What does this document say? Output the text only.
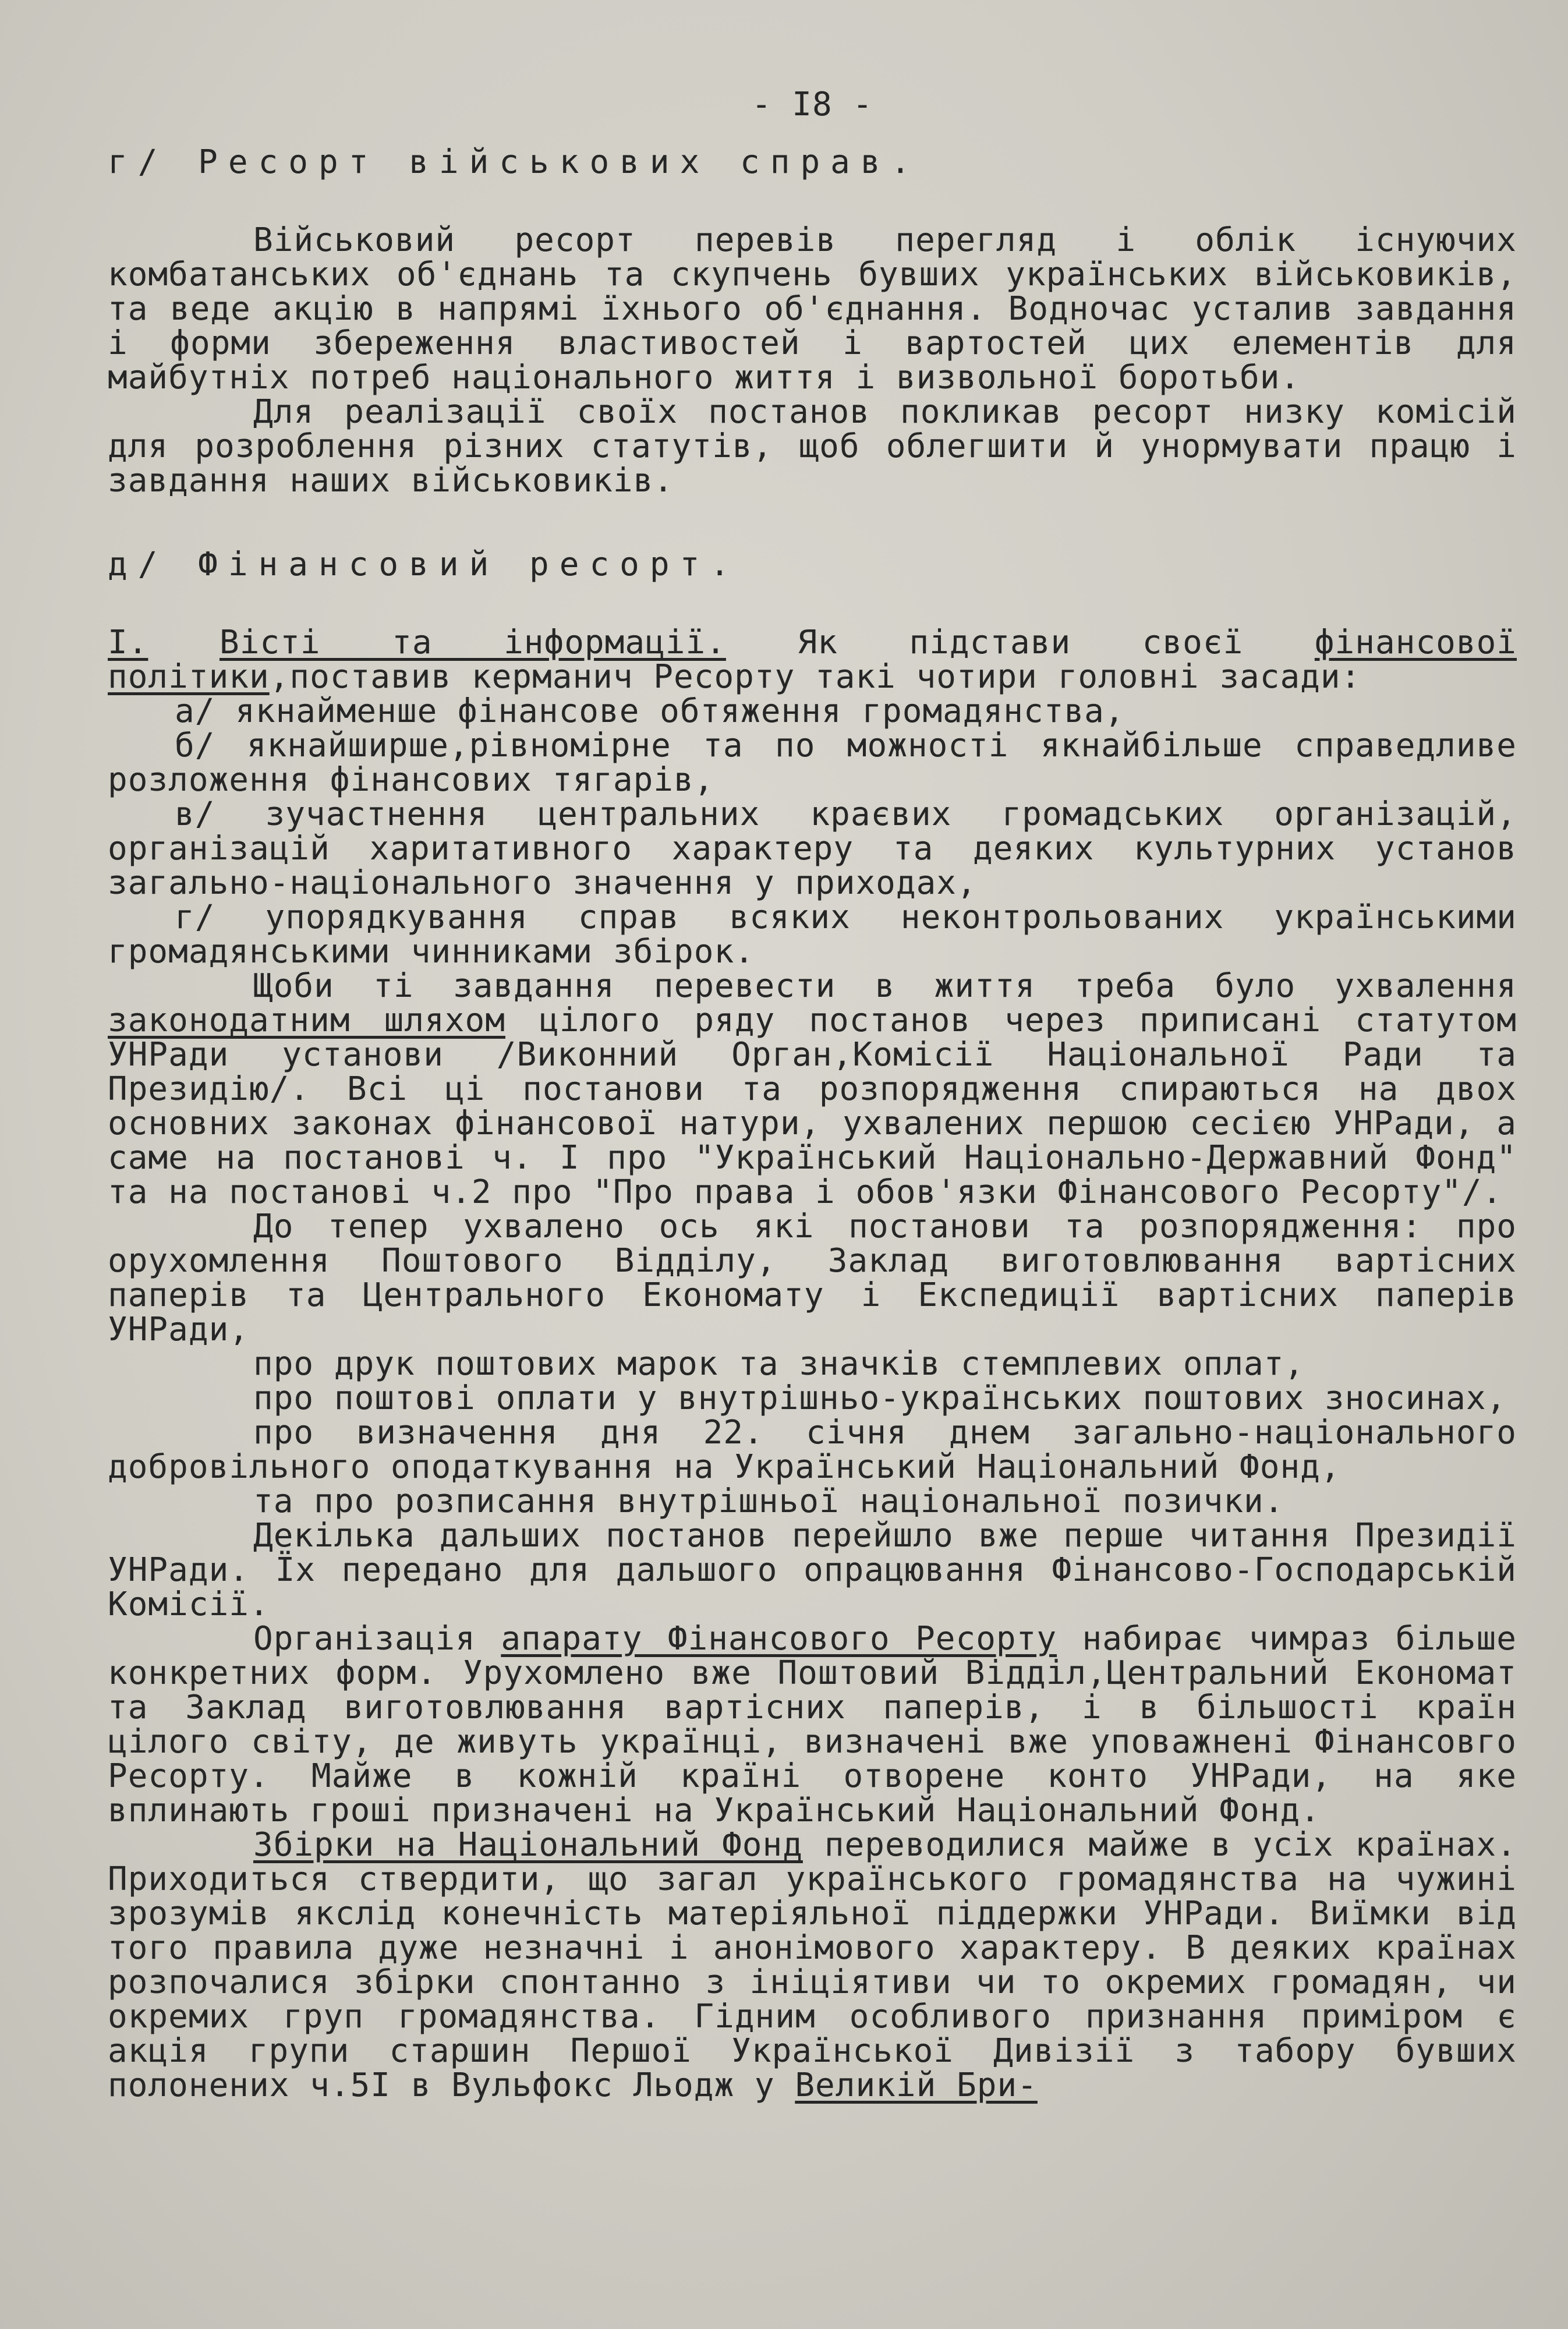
- I8 -
г/ Ресорт військових справ.

Військовий ресорт перевів перегляд і облік існуючих комбатанських об'єднань та скупчень бувших українських військовиків, та веде акцію в напрямі їхнього об'єднання. Водночас усталив завдання і форми збереження властивостей і вартостей цих елементів для майбутніх потреб національного життя і визвольної боротьби.

Для реалізації своїх постанов покликав ресорт низку комісій для розроблення різних статутів, щоб облегшити й унормувати працю і завдання наших військовиків.

д/ Фінансовий ресорт.

I. Вісті та інформації. Як підстави своєї фінансової політики,поставив керманич Ресорту такі чотири головні засади:

а/ якнайменше фінансове обтяження громадянства,

б/ якнайширше,рівномірне та по можності якнайбільше справедливе розложення фінансових тягарів,

в/ зучастнення центральних краєвих громадських організацій, організацій харитативного характеру та деяких культурних установ загально-національного значення у приходах,

г/ упорядкування справ всяких неконтрольованих українськими громадянськими чинниками збірок.

Щоби ті завдання перевести в життя треба було ухвалення законодатним шляхом цілого ряду постанов через приписані статутом УНРади установи /Виконний Орган,Комісії Національної Ради та Президію/. Всі ці постанови та розпорядження спираються на двох основних законах фінансової натури, ухвалених першою сесією УНРади, а саме на постанові ч. I про "Український Національно-Державний Фонд" та на постанові ч.2 про "Про права і обов'язки Фінансового Ресорту"/.

До тепер ухвалено ось які постанови та розпорядження: про орухомлення Поштового Відділу, Заклад виготовлювання вартісних паперів та Центрального Економату і Експедиції вартісних паперів УНРади,

про друк поштових марок та значків стемплевих оплат,

про поштові оплати у внутрішньо-українських поштових зносинах,

про визначення дня 22. січня днем загально-національного добровільного оподаткування на Український Національний Фонд,

та про розписання внутрішньої національної позички.

Декілька дальших постанов перейшло вже перше читання Президії УНРади. Їх передано для дальшого опрацювання Фінансово-Господарській Комісії.

Організація апарату Фінансового Ресорту набирає чимраз більше конкретних форм. Урухомлено вже Поштовий Відділ,Центральний Економат та Заклад виготовлювання вартісних паперів, і в більшості країн цілого світу, де живуть українці, визначені вже уповажнені Фінансовго Ресорту. Майже в кожній країні отворене конто УНРади, на яке вплинають гроші призначені на Український Національний Фонд.

Збірки на Національний Фонд переводилися майже в усіх країнах. Приходиться ствердити, що загал українського громадянства на чужині зрозумів якслід конечність матеріяльної піддержки УНРади. Виїмки від того правила дуже незначні і анонімового характеру. В деяких країнах розпочалися збірки спонтанно з ініціятиви чи то окремих громадян, чи окремих груп громадянства. Гідним особливого признання приміром є акція групи старшин Першої Української Дивізії з табору бувших полонених ч.5I в Вульфокс Льодж у Великій Бри-
